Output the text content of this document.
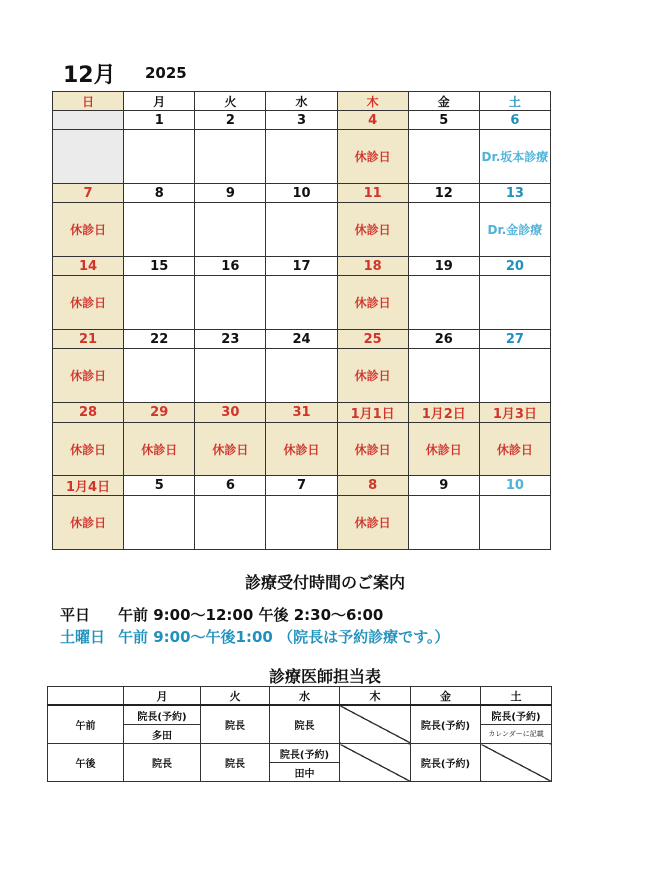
12月 2025
日	月	火	水	木	金	土
	1	2	3	4	5	6
				休診日		Dr.坂本診療
7	8	9	10	11	12	13
休診日				休診日		Dr.金診療
14	15	16	17	18	19	20
休診日				休診日		
21	22	23	24	25	26	27
休診日				休診日		
28	29	30	31	1月1日	1月2日	1月3日
休診日	休診日	休診日	休診日	休診日	休診日	休診日
1月4日	5	6	7	8	9	10
休診日				休診日		
診療受付時間のご案内
平日 午前 9:00～12:00 午後 2:30～6:00
土曜日 午前 9:00～午後1:00 （院長は予約診療です。）
診療医師担当表
	月	火	水	木	金	土
午前	院長(予約)	院長	院長		院長(予約)	院長(予約)
	多田					カレンダーに記載
午後	院長	院長	院長(予約)		院長(予約)	
			田中			
